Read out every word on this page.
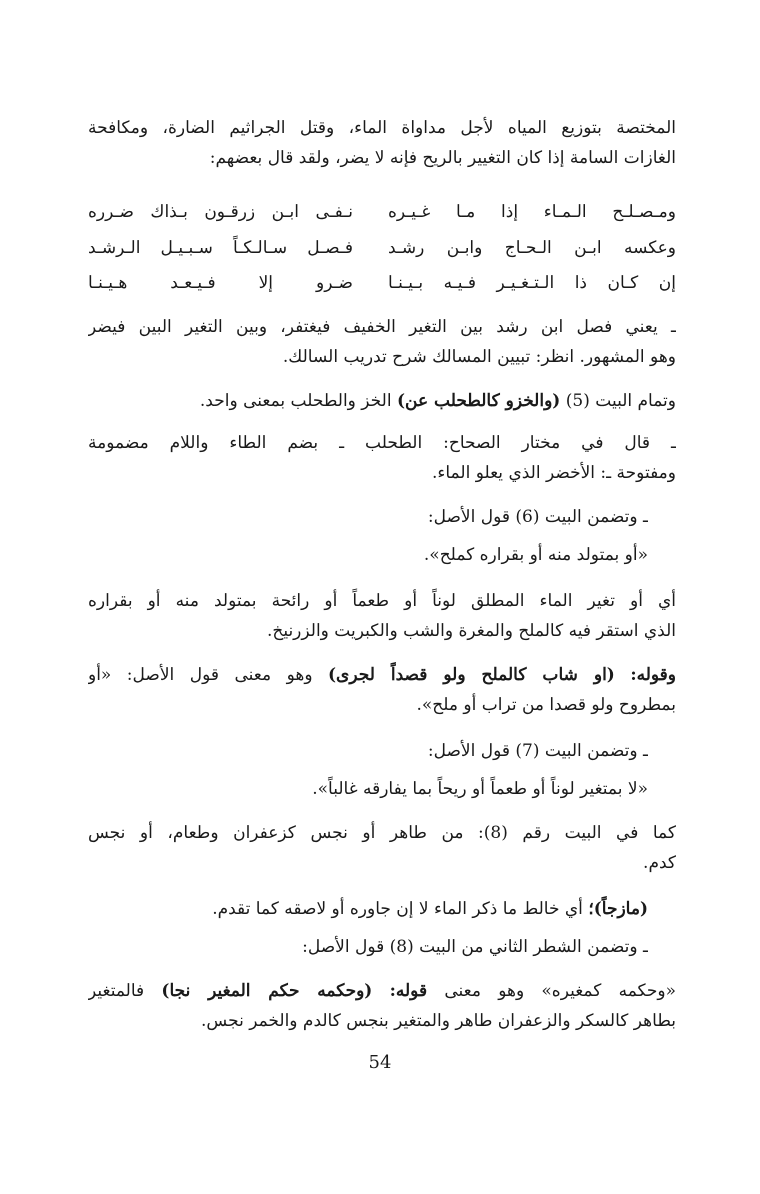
المختصة بتوزيع المياه لأجل مداواة الماء، وقتل الجراثيم الضارة، ومكافحة
الغازات السامة إذا كان التغيير بالريح فإنه لا يضر، ولقد قال بعضهم:
ومـصـلـح الـمـاء إذا مـا غـيـره
نـفـى ابـن زرقـون بـذاك ضـرره
وعكسه ابـن الـحـاج وابـن رشـد
فـصـل سـالـكـاً سـبـيـل الـرشـد
إن كـان ذا الـتـغـيـر فـيـه بـيـنـا
ضـرو إلا فـيـعـد هـيـنـا
ـ يعني فصل ابن رشد بين التغير الخفيف فيغتفر، وبين التغير البين فيضر
وهو المشهور. انظر: تبيين المسالك شرح تدريب السالك.
وتمام البيت (5) (والخزو كالطحلب عن) الخز والطحلب بمعنى واحد.
ـ قال في مختار الصحاح: الطحلب ـ بضم الطاء واللام مضمومة
ومفتوحة ـ: الأخضر الذي يعلو الماء.
ـ وتضمن البيت (6) قول الأصل:
«أو بمتولد منه أو بقراره كملح».
أي أو تغير الماء المطلق لوناً أو طعماً أو رائحة بمتولد منه أو بقراره
الذي استقر فيه كالملح والمغرة والشب والكبريت والزرنيخ.
وقوله: (او شاب كالملح ولو قصداً لجرى) وهو معنى قول الأصل: «أو
بمطروح ولو قصدا من تراب أو ملح».
ـ وتضمن البيت (7) قول الأصل:
«لا بمتغير لوناً أو طعماً أو ريحاً بما يفارقه غالباً».
كما في البيت رقم (8): من طاهر أو نجس كزعفران وطعام، أو نجس
كدم.
(مازجاً)؛ أي خالط ما ذكر الماء لا إن جاوره أو لاصقه كما تقدم.
ـ وتضمن الشطر الثاني من البيت (8) قول الأصل:
«وحكمه كمغيره» وهو معنى قوله: (وحكمه حكم المغير نجا) فالمتغير
بطاهر كالسكر والزعفران طاهر والمتغير بنجس كالدم والخمر نجس.
54
